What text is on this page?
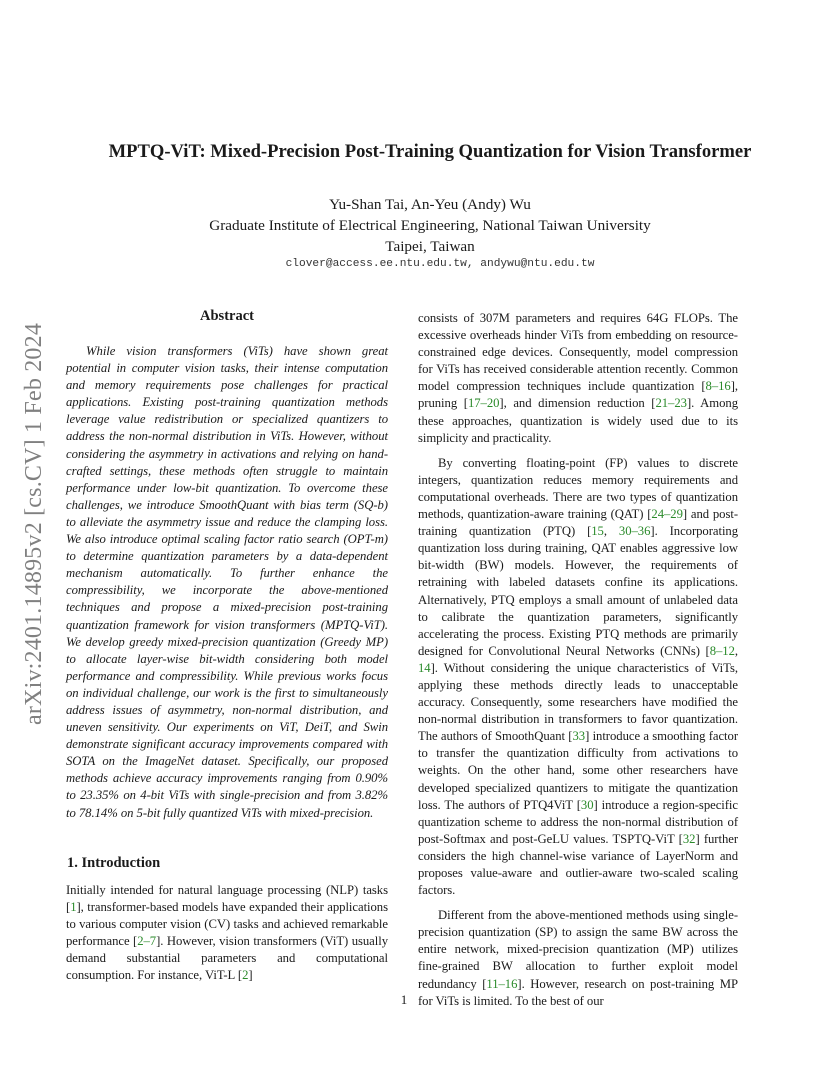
arXiv:2401.14895v2 [cs.CV] 1 Feb 2024
MPTQ-ViT: Mixed-Precision Post-Training Quantization for Vision Transformer
Yu-Shan Tai, An-Yeu (Andy) Wu
Graduate Institute of Electrical Engineering, National Taiwan University
Taipei, Taiwan
clover@access.ee.ntu.edu.tw, andywu@ntu.edu.tw
Abstract

While vision transformers (ViTs) have shown great potential in computer vision tasks, their intense computation and memory requirements pose challenges for practical applications. Existing post-training quantization methods leverage value redistribution or specialized quantizers to address the non-normal distribution in ViTs. However, without considering the asymmetry in activations and relying on hand-crafted settings, these methods often struggle to maintain performance under low-bit quantization. To overcome these challenges, we introduce SmoothQuant with bias term (SQ-b) to alleviate the asymmetry issue and reduce the clamping loss. We also introduce optimal scaling factor ratio search (OPT-m) to determine quantization parameters by a data-dependent mechanism automatically. To further enhance the compressibility, we incorporate the above-mentioned techniques and propose a mixed-precision post-training quantization framework for vision transformers (MPTQ-ViT). We develop greedy mixed-precision quantization (Greedy MP) to allocate layer-wise bit-width considering both model performance and compressibility. While previous works focus on individual challenge, our work is the first to simultaneously address issues of asymmetry, non-normal distribution, and uneven sensitivity. Our experiments on ViT, DeiT, and Swin demonstrate significant accuracy improvements compared with SOTA on the ImageNet dataset. Specifically, our proposed methods achieve accuracy improvements ranging from 0.90% to 23.35% on 4-bit ViTs with single-precision and from 3.82% to 78.14% on 5-bit fully quantized ViTs with mixed-precision.

1. Introduction

Initially intended for natural language processing (NLP) tasks [1], transformer-based models have expanded their applications to various computer vision (CV) tasks and achieved remarkable performance [2–7]. However, vision transformers (ViT) usually demand substantial parameters and computational consumption. For instance, ViT-L [2]

consists of 307M parameters and requires 64G FLOPs. The excessive overheads hinder ViTs from embedding on resource-constrained edge devices. Consequently, model compression for ViTs has received considerable attention recently. Common model compression techniques include quantization [8–16], pruning [17–20], and dimension reduction [21–23]. Among these approaches, quantization is widely used due to its simplicity and practicality.

By converting floating-point (FP) values to discrete integers, quantization reduces memory requirements and computational overheads. There are two types of quantization methods, quantization-aware training (QAT) [24–29] and post-training quantization (PTQ) [15, 30–36]. Incorporating quantization loss during training, QAT enables aggressive low bit-width (BW) models. However, the requirements of retraining with labeled datasets confine its applications. Alternatively, PTQ employs a small amount of unlabeled data to calibrate the quantization parameters, significantly accelerating the process. Existing PTQ methods are primarily designed for Convolutional Neural Networks (CNNs) [8–12, 14]. Without considering the unique characteristics of ViTs, applying these methods directly leads to unacceptable accuracy. Consequently, some researchers have modified the non-normal distribution in transformers to favor quantization. The authors of SmoothQuant [33] introduce a smoothing factor to transfer the quantization difficulty from activations to weights. On the other hand, some other researchers have developed specialized quantizers to mitigate the quantization loss. The authors of PTQ4ViT [30] introduce a region-specific quantization scheme to address the non-normal distribution of post-Softmax and post-GeLU values. TSPTQ-ViT [32] further considers the high channel-wise variance of LayerNorm and proposes value-aware and outlier-aware two-scaled scaling factors.

Different from the above-mentioned methods using single-precision quantization (SP) to assign the same BW across the entire network, mixed-precision quantization (MP) utilizes fine-grained BW allocation to further exploit model redundancy [11–16]. However, research on post-training MP for ViTs is limited. To the best of our

1
